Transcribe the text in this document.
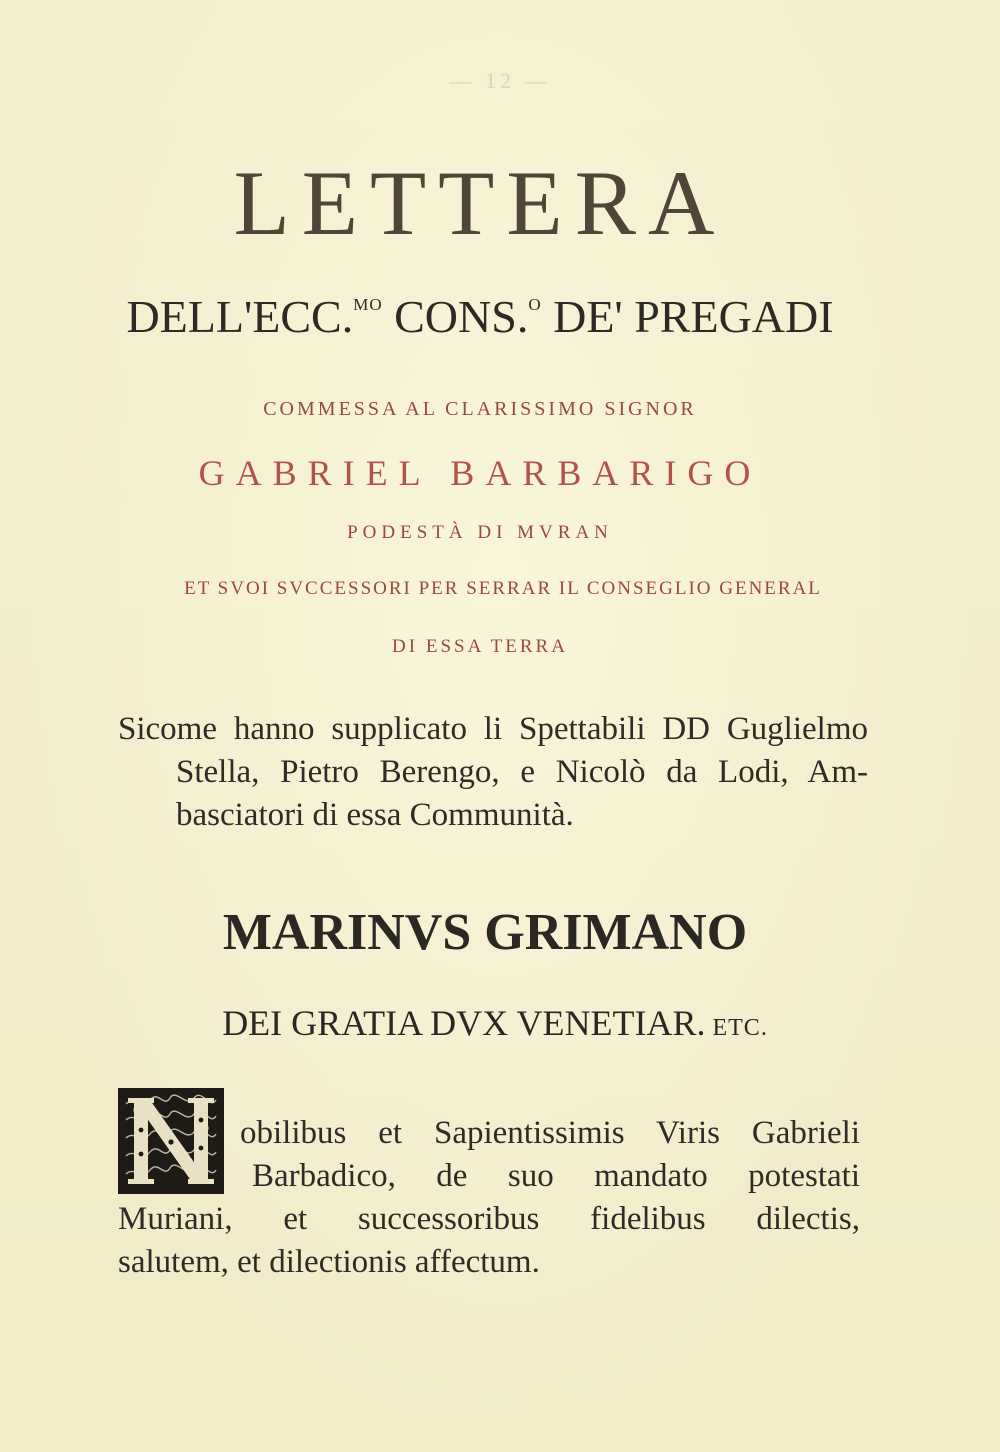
— 12 —
LETTERA
DELL'ECC.$^{MO}$ CONS.$^O$ DE' PREGADI
COMMESSA AL CLARISSIMO SIGNOR
GABRIEL BARBARIGO
PODESTÀ DI MVRAN
ET SVOI SVCCESSORI PER SERRAR IL CONSEGLIO GENERAL
DI ESSA TERRA
Sicome hanno supplicato li Spettabili DD Guglielmo
Stella, Pietro Berengo, e Nicolò da Lodi, Am-
basciatori di essa Communità.
MARINVS GRIMANO
DEI GRATIA DVX VENETIAR. ETC.
obilibus et Sapientissimis Viris Gabrieli
Barbadico, de suo mandato potestati
Muriani, et successoribus fidelibus dilectis,
salutem, et dilectionis affectum.
